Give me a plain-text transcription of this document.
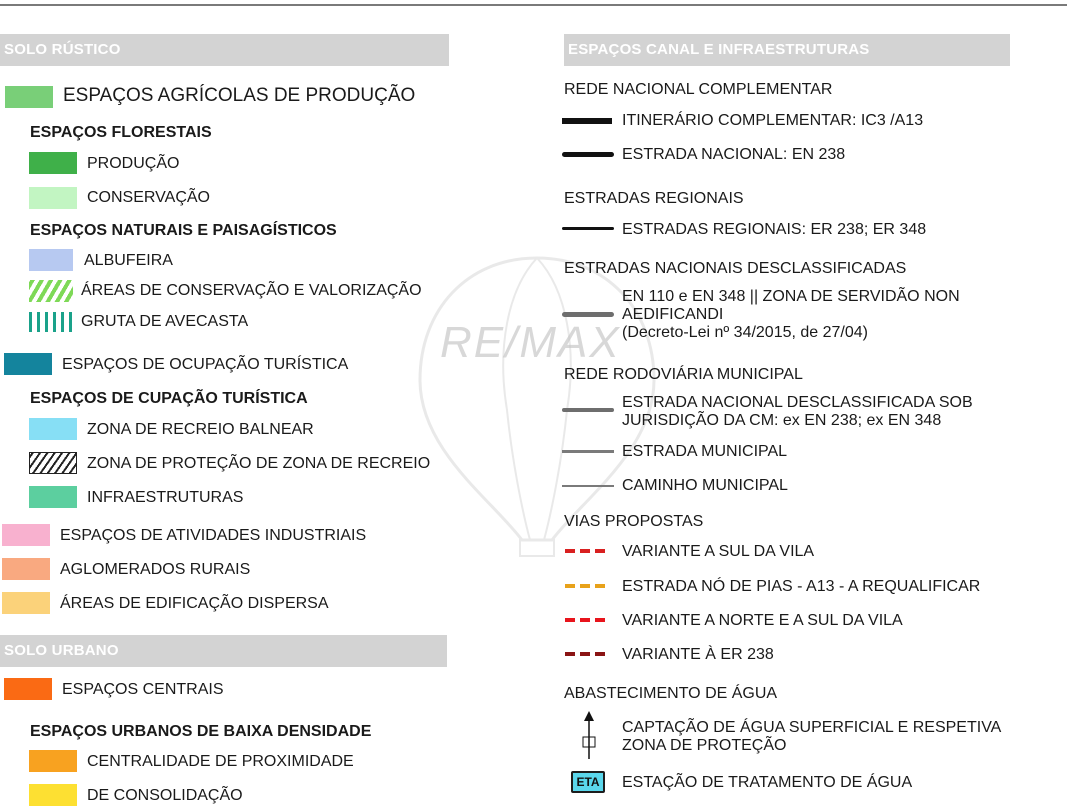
SOLO RÚSTICO
ESPAÇOS AGRÍCOLAS DE PRODUÇÃO
ESPAÇOS FLORESTAIS
PRODUÇÃO
CONSERVAÇÃO
ESPAÇOS NATURAIS E PAISAGÍSTICOS
ALBUFEIRA
ÁREAS DE CONSERVAÇÃO E VALORIZAÇÃO
GRUTA DE AVECASTA
ESPAÇOS DE OCUPAÇÃO TURÍSTICA
ESPAÇOS DE CUPAÇÃO TURÍSTICA
ZONA DE RECREIO BALNEAR
ZONA DE PROTEÇÃO DE ZONA DE RECREIO
INFRAESTRUTURAS
ESPAÇOS DE ATIVIDADES INDUSTRIAIS
AGLOMERADOS RURAIS
ÁREAS DE EDIFICAÇÃO DISPERSA
SOLO URBANO
ESPAÇOS CENTRAIS
ESPAÇOS URBANOS DE BAIXA DENSIDADE
CENTRALIDADE DE PROXIMIDADE
DE CONSOLIDAÇÃO
RE/MAX
ESPAÇOS CANAL E INFRAESTRUTURAS
REDE NACIONAL COMPLEMENTAR
ITINERÁRIO COMPLEMENTAR: IC3 /A13
ESTRADA NACIONAL: EN 238
ESTRADAS REGIONAIS
ESTRADAS REGIONAIS: ER 238; ER 348
ESTRADAS NACIONAIS DESCLASSIFICADAS
EN 110 e EN 348 || ZONA DE SERVIDÃO NON
AEDIFICANDI
(Decreto-Lei nº 34/2015, de 27/04)
REDE RODOVIÁRIA MUNICIPAL
ESTRADA NACIONAL DESCLASSIFICADA SOB
JURISDIÇÃO DA CM: ex EN 238; ex EN 348
ESTRADA MUNICIPAL
CAMINHO MUNICIPAL
VIAS PROPOSTAS
VARIANTE A SUL DA VILA
ESTRADA NÓ DE PIAS - A13 - A REQUALIFICAR
VARIANTE A NORTE E A SUL DA VILA
VARIANTE À ER 238
ABASTECIMENTO DE ÁGUA
CAPTAÇÃO DE ÁGUA SUPERFICIAL E RESPETIVA
ZONA DE PROTEÇÃO
ETA	ESTAÇÃO DE TRATAMENTO DE ÁGUA
